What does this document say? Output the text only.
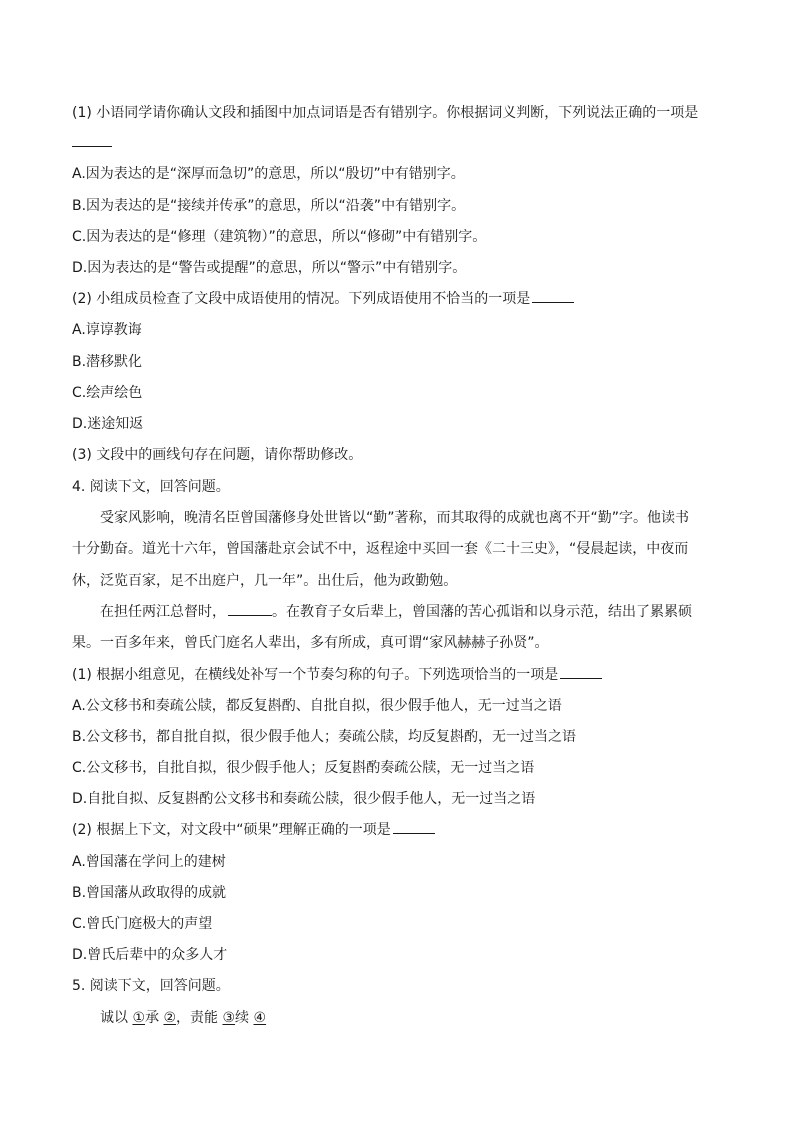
(1) 小语同学请你确认文段和插图中加点词语是否有错别字。你根据词义判断，下列说法正确的一项是
A.因为表达的是“深厚而急切”的意思，所以“殷切”中有错别字。
B.因为表达的是“接续并传承”的意思，所以“沿袭”中有错别字。
C.因为表达的是“修理（建筑物）”的意思，所以“修砌”中有错别字。
D.因为表达的是“警告或提醒”的意思，所以“警示”中有错别字。
(2) 小组成员检查了文段中成语使用的情况。下列成语使用不恰当的一项是
A.谆谆教诲
B.潜移默化
C.绘声绘色
D.迷途知返
(3) 文段中的画线句存在问题，请你帮助修改。
4. 阅读下文，回答问题。
受家风影响，晚清名臣曾国藩修身处世皆以“勤”著称，而其取得的成就也离不开“勤”字。他读书
十分勤奋。道光十六年，曾国藩赴京会试不中，返程途中买回一套《二十三史》，“侵晨起读，中夜而
休，泛览百家，足不出庭户，几一年”。出仕后，他为政勤勉。
在担任两江总督时，	。在教育子女后辈上，曾国藩的苦心孤诣和以身示范，结出了累累硕
果。一百多年来，曾氏门庭名人辈出，多有所成，真可谓“家风赫赫子孙贤”。
(1) 根据小组意见，在横线处补写一个节奏匀称的句子。下列选项恰当的一项是
A.公文移书和奏疏公牍，都反复斟酌、自批自拟，很少假手他人，无一过当之语
B.公文移书，都自批自拟，很少假手他人；奏疏公牍，均反复斟酌，无一过当之语
C.公文移书，自批自拟，很少假手他人；反复斟酌奏疏公牍，无一过当之语
D.自批自拟、反复斟酌公文移书和奏疏公牍，很少假手他人，无一过当之语
(2) 根据上下文，对文段中“硕果”理解正确的一项是
A.曾国藩在学问上的建树
B.曾国藩从政取得的成就
C.曾氏门庭极大的声望
D.曾氏后辈中的众多人才
5. 阅读下文，回答问题。
诚以 ①承 ②，责能 ③续 ④
